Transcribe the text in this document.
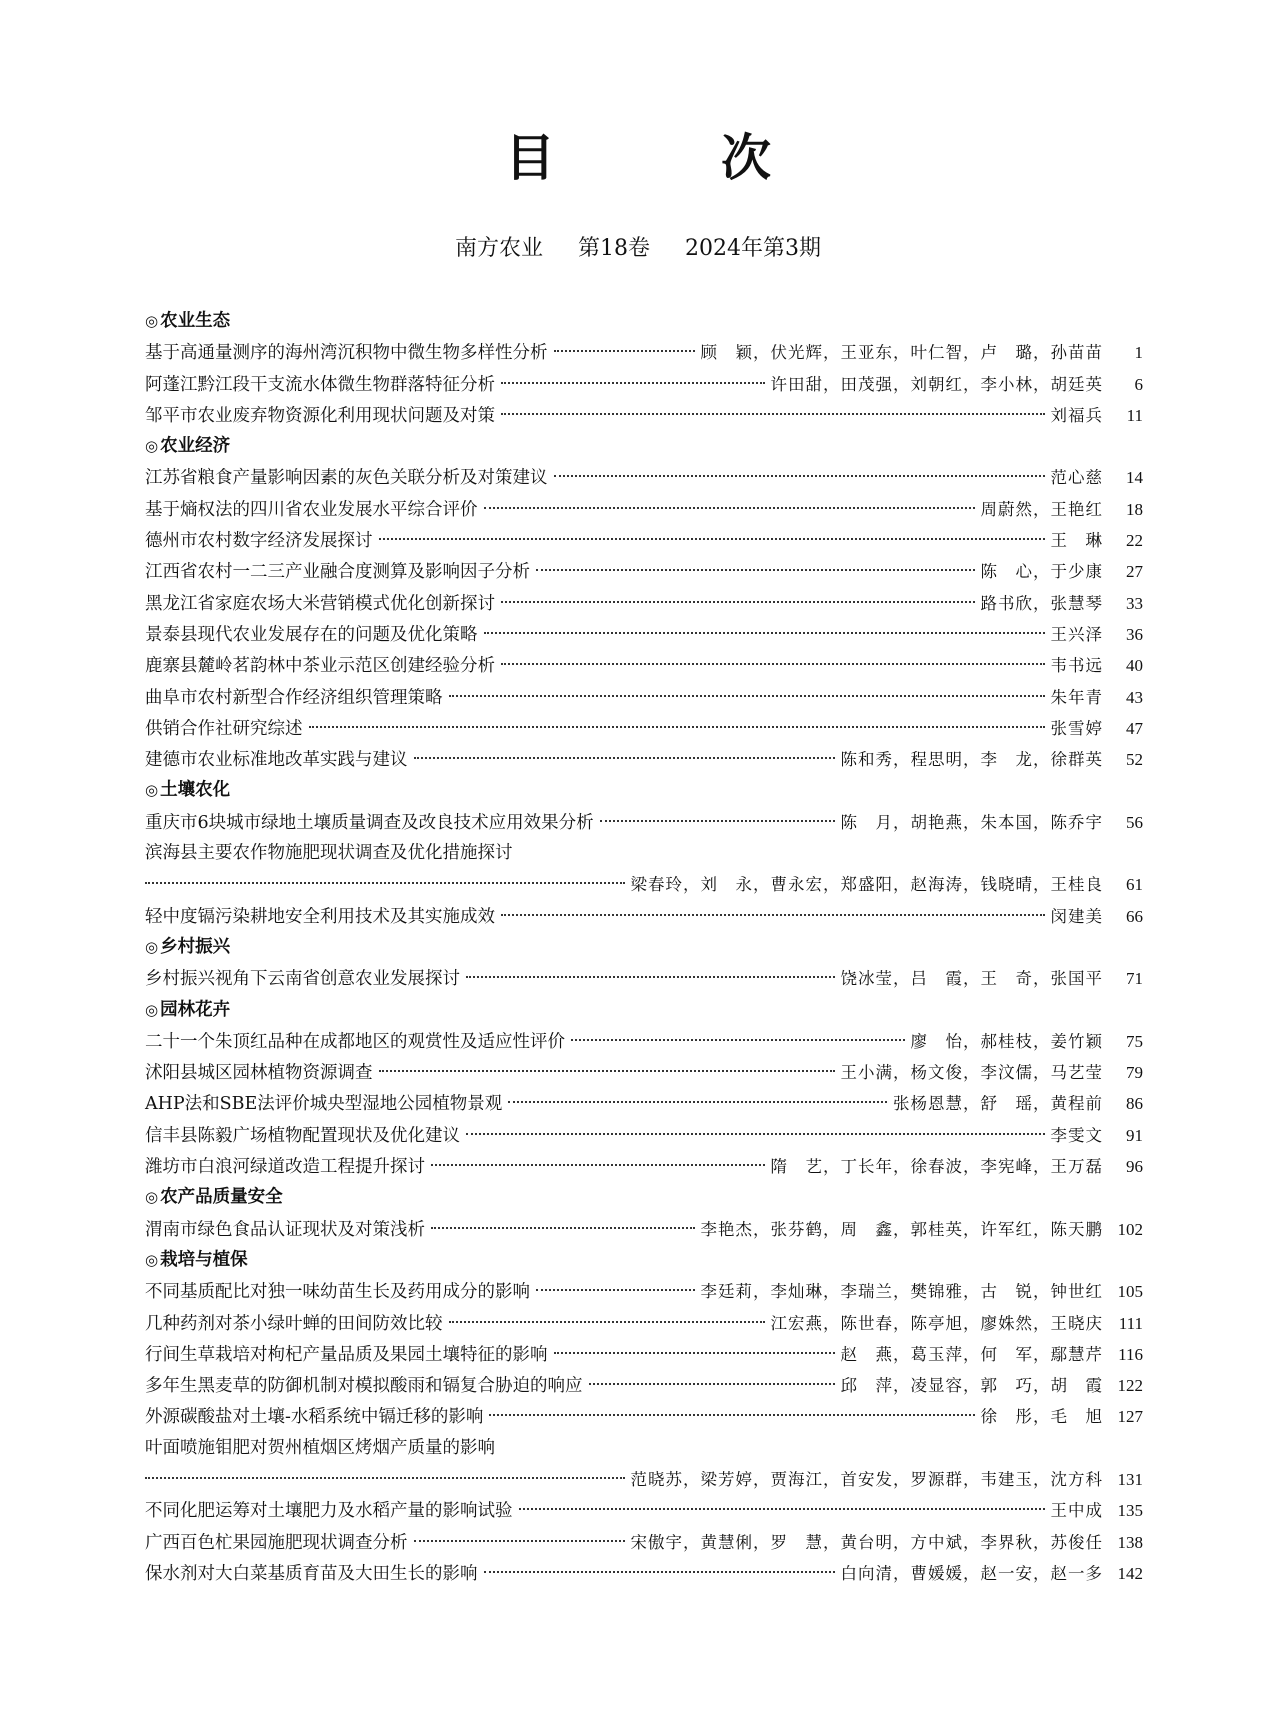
目　次
南方农业 第18卷 2024年第3期
◎ 农业生态
基于高通量测序的海州湾沉积物中微生物多样性分析	顾　颖，伏光辉，王亚东，叶仁智，卢　璐，孙苗苗	1
阿蓬江黔江段干支流水体微生物群落特征分析	许田甜，田茂强，刘朝红，李小林，胡廷英	6
邹平市农业废弃物资源化利用现状问题及对策	刘福兵	11
◎ 农业经济
江苏省粮食产量影响因素的灰色关联分析及对策建议	范心慈	14
基于熵权法的四川省农业发展水平综合评价	周蔚然，王艳红	18
德州市农村数字经济发展探讨	王　琳	22
江西省农村一二三产业融合度测算及影响因子分析	陈　心，于少康	27
黑龙江省家庭农场大米营销模式优化创新探讨	路书欣，张慧琴	33
景泰县现代农业发展存在的问题及优化策略	王兴泽	36
鹿寨县麓岭茗韵林中茶业示范区创建经验分析	韦书远	40
曲阜市农村新型合作经济组织管理策略	朱年青	43
供销合作社研究综述	张雪婷	47
建德市农业标准地改革实践与建议	陈和秀，程思明，李　龙，徐群英	52
◎ 土壤农化
重庆市6块城市绿地土壤质量调查及改良技术应用效果分析	陈　月，胡艳燕，朱本国，陈乔宇	56
滨海县主要农作物施肥现状调查及优化措施探讨
梁春玲，刘　永，曹永宏，郑盛阳，赵海涛，钱晓晴，王桂良	61
轻中度镉污染耕地安全利用技术及其实施成效	闵建美	66
◎ 乡村振兴
乡村振兴视角下云南省创意农业发展探讨	饶冰莹，吕　霞，王　奇，张国平	71
◎ 园林花卉
二十一个朱顶红品种在成都地区的观赏性及适应性评价	廖　怡，郝桂枝，姜竹颖	75
沭阳县城区园林植物资源调查	王小满，杨文俊，李汶儒，马艺莹	79
AHP法和SBE法评价城央型湿地公园植物景观	张杨恩慧，舒　瑶，黄程前	86
信丰县陈毅广场植物配置现状及优化建议	李雯文	91
潍坊市白浪河绿道改造工程提升探讨	隋　艺，丁长年，徐春波，李宪峰，王万磊	96
◎ 农产品质量安全
渭南市绿色食品认证现状及对策浅析	李艳杰，张芬鹤，周　鑫，郭桂英，许军红，陈天鹏 102
◎ 栽培与植保
不同基质配比对独一味幼苗生长及药用成分的影响	李廷莉，李灿琳，李瑞兰，樊锦雅，古　锐，钟世红 105
几种药剂对茶小绿叶蝉的田间防效比较	江宏燕，陈世春，陈亭旭，廖姝然，王晓庆 111
行间生草栽培对枸杞产量品质及果园土壤特征的影响	赵　燕，葛玉萍，何　军，鄢慧芹 116
多年生黑麦草的防御机制对模拟酸雨和镉复合胁迫的响应	邱　萍，凌显容，郭　巧，胡　霞 122
外源碳酸盐对土壤-水稻系统中镉迁移的影响	徐　彤，毛　旭 127
叶面喷施钼肥对贺州植烟区烤烟产质量的影响
范晓苏，梁芳婷，贾海江，首安发，罗源群，韦建玉，沈方科 131
不同化肥运筹对土壤肥力及水稻产量的影响试验	王中成 135
广西百色杧果园施肥现状调查分析	宋傲宇，黄慧俐，罗　慧，黄台明，方中斌，李界秋，苏俊任 138
保水剂对大白菜基质育苗及大田生长的影响	白向清，曹媛媛，赵一安，赵一多 142
